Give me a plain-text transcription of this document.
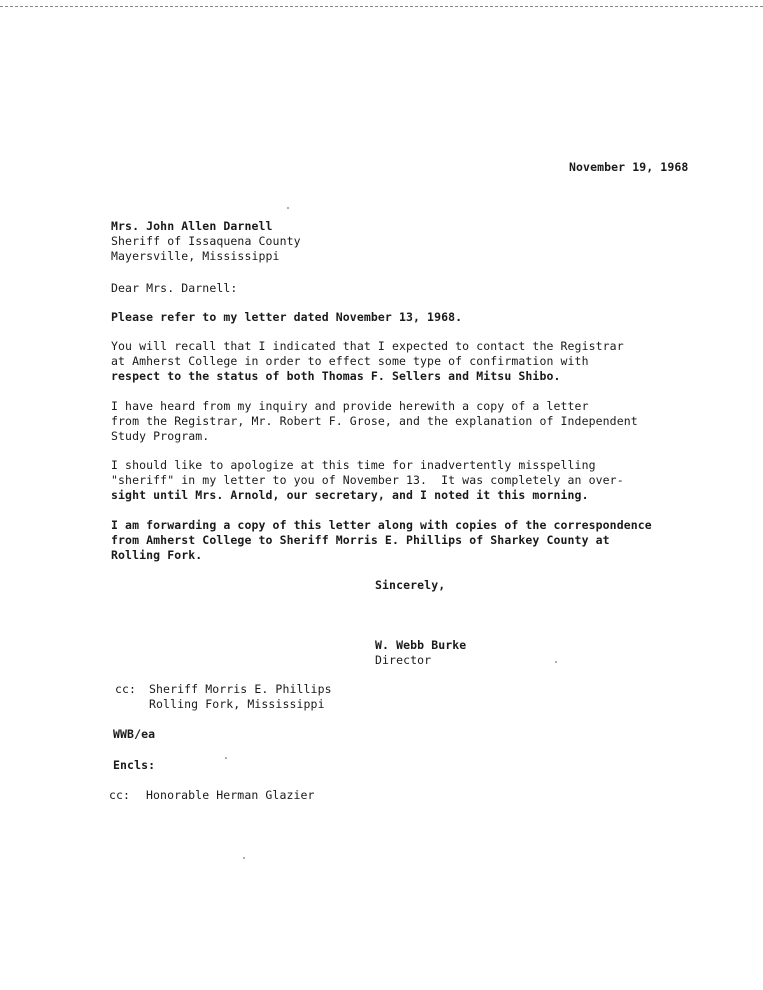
November 19, 1968
Mrs. John Allen Darnell
Sheriff of Issaquena County
Mayersville, Mississippi
Dear Mrs. Darnell:
Please refer to my letter dated November 13, 1968.
You will recall that I indicated that I expected to contact the Registrar
at Amherst College in order to effect some type of confirmation with
respect to the status of both Thomas F. Sellers and Mitsu Shibo.
I have heard from my inquiry and provide herewith a copy of a letter
from the Registrar, Mr. Robert F. Grose, and the explanation of Independent
Study Program.
I should like to apologize at this time for inadvertently misspelling
"sheriff" in my letter to you of November 13.  It was completely an over-
sight until Mrs. Arnold, our secretary, and I noted it this morning.
I am forwarding a copy of this letter along with copies of the correspondence
from Amherst College to Sheriff Morris E. Phillips of Sharkey County at
Rolling Fork.
Sincerely,
W. Webb Burke
Director
cc: Sheriff Morris E. Phillips
Rolling Fork, Mississippi
WWB/ea
Encls:
cc: Honorable Herman Glazier
